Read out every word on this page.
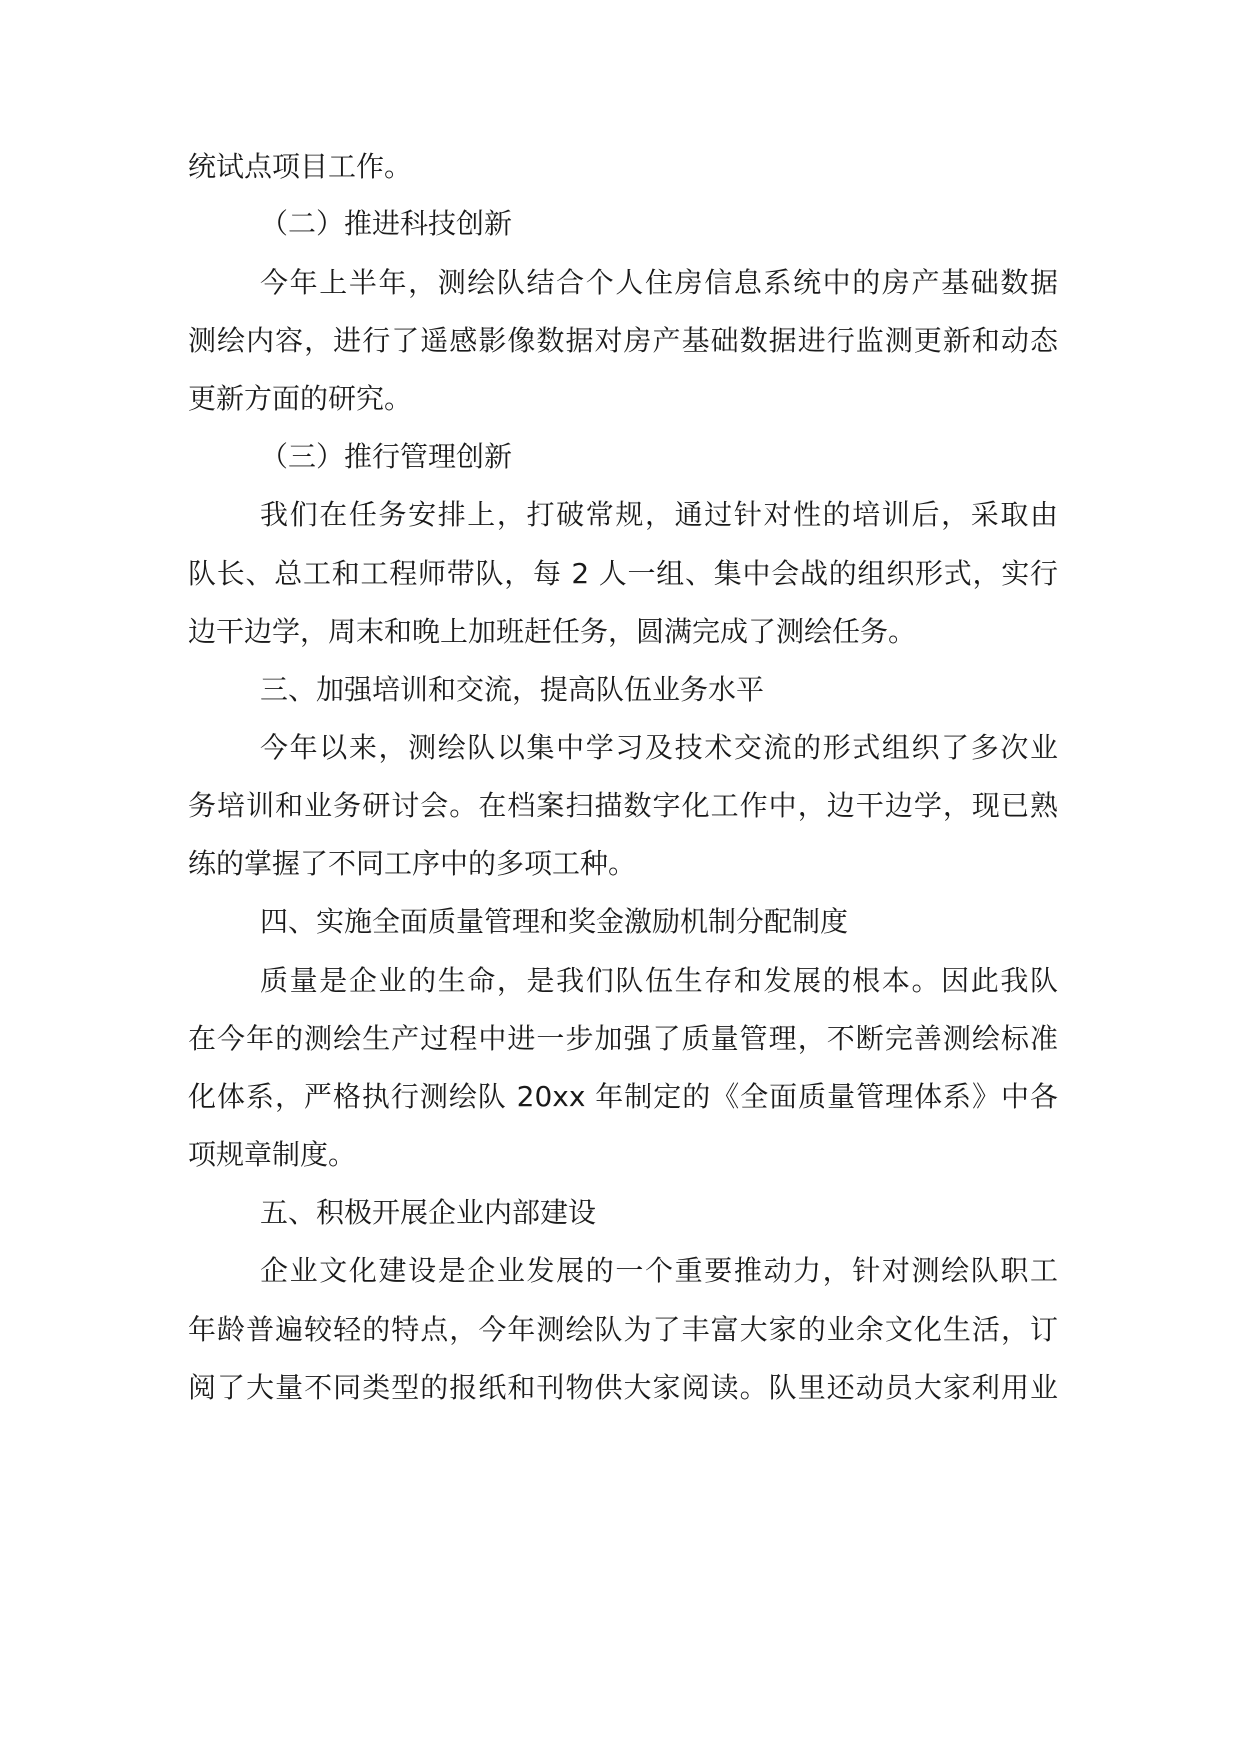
统试点项目工作。
（二）推进科技创新
今年上半年，测绘队结合个人住房信息系统中的房产基础数据
测绘内容，进行了遥感影像数据对房产基础数据进行监测更新和动态
更新方面的研究。
（三）推行管理创新
我们在任务安排上，打破常规，通过针对性的培训后，采取由
队长、总工和工程师带队，每 2 人一组、集中会战的组织形式，实行
边干边学，周末和晚上加班赶任务，圆满完成了测绘任务。
三、加强培训和交流，提高队伍业务水平
今年以来，测绘队以集中学习及技术交流的形式组织了多次业
务培训和业务研讨会。在档案扫描数字化工作中，边干边学，现已熟
练的掌握了不同工序中的多项工种。
四、实施全面质量管理和奖金激励机制分配制度
质量是企业的生命，是我们队伍生存和发展的根本。因此我队
在今年的测绘生产过程中进一步加强了质量管理，不断完善测绘标准
化体系，严格执行测绘队 20xx 年制定的《全面质量管理体系》中各
项规章制度。
五、积极开展企业内部建设
企业文化建设是企业发展的一个重要推动力，针对测绘队职工
年龄普遍较轻的特点，今年测绘队为了丰富大家的业余文化生活，订
阅了大量不同类型的报纸和刊物供大家阅读。队里还动员大家利用业
